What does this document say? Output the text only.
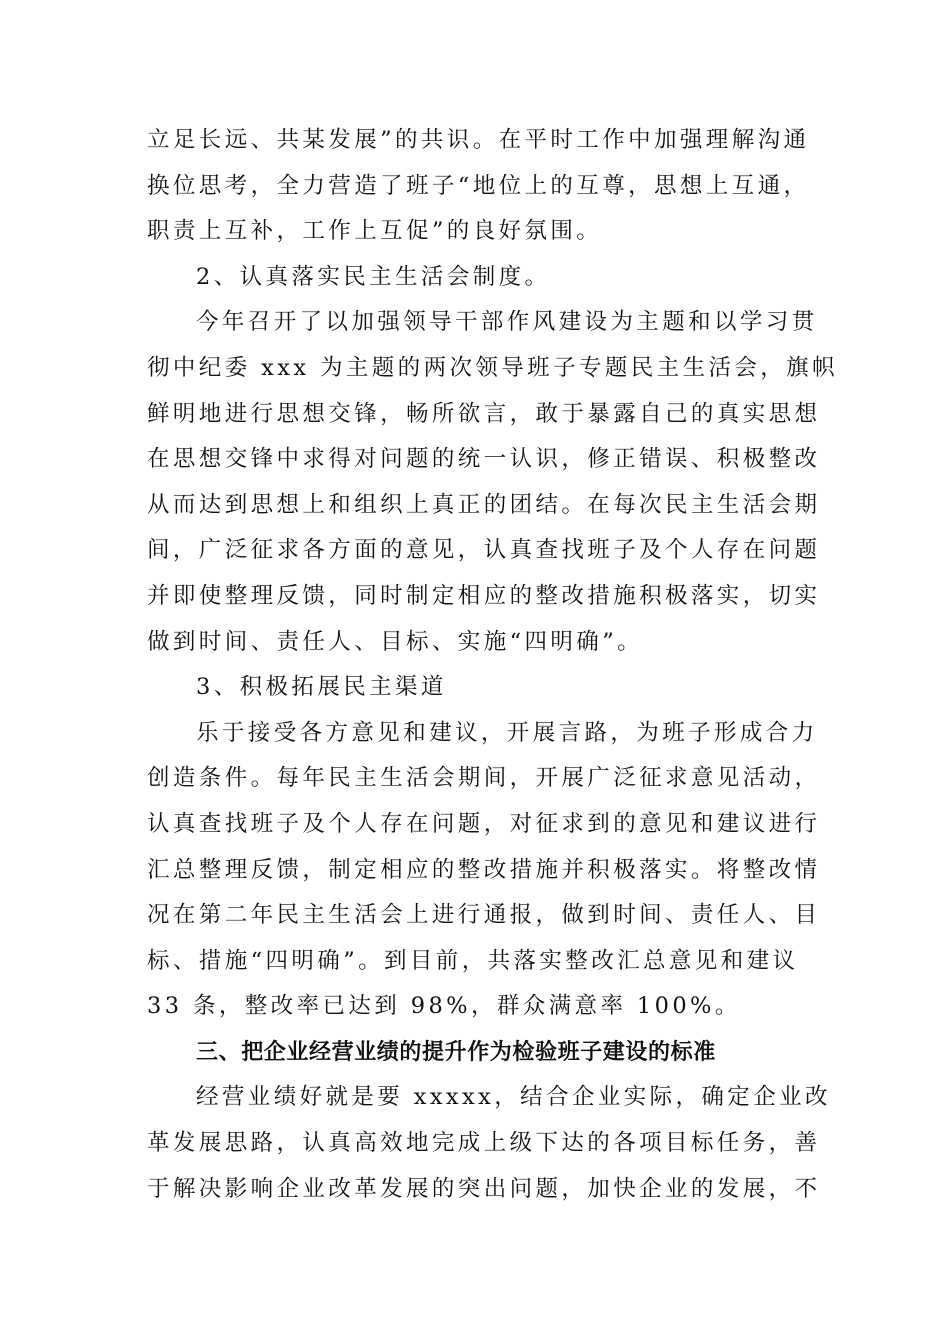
立足长远、共某发展”的共识。在平时工作中加强理解沟通
换位思考，全力营造了班子“地位上的互尊，思想上互通，
职责上互补，工作上互促”的良好氛围。
2、认真落实民主生活会制度。
今年召开了以加强领导干部作风建设为主题和以学习贯
彻中纪委 xxx 为主题的两次领导班子专题民主生活会，旗帜
鲜明地进行思想交锋，畅所欲言，敢于暴露自己的真实思想
在思想交锋中求得对问题的统一认识，修正错误、积极整改
从而达到思想上和组织上真正的团结。在每次民主生活会期
间，广泛征求各方面的意见，认真查找班子及个人存在问题
并即使整理反馈，同时制定相应的整改措施积极落实，切实
做到时间、责任人、目标、实施“四明确”。
3、积极拓展民主渠道
乐于接受各方意见和建议，开展言路，为班子形成合力
创造条件。每年民主生活会期间，开展广泛征求意见活动，
认真查找班子及个人存在问题，对征求到的意见和建议进行
汇总整理反馈，制定相应的整改措施并积极落实。将整改情
况在第二年民主生活会上进行通报，做到时间、责任人、目
标、措施“四明确”。到目前，共落实整改汇总意见和建议
33 条，整改率已达到 98%，群众满意率 100%。
三、把企业经营业绩的提升作为检验班子建设的标准
经营业绩好就是要 xxxxx，结合企业实际，确定企业改
革发展思路，认真高效地完成上级下达的各项目标任务，善
于解决影响企业改革发展的突出问题，加快企业的发展，不
